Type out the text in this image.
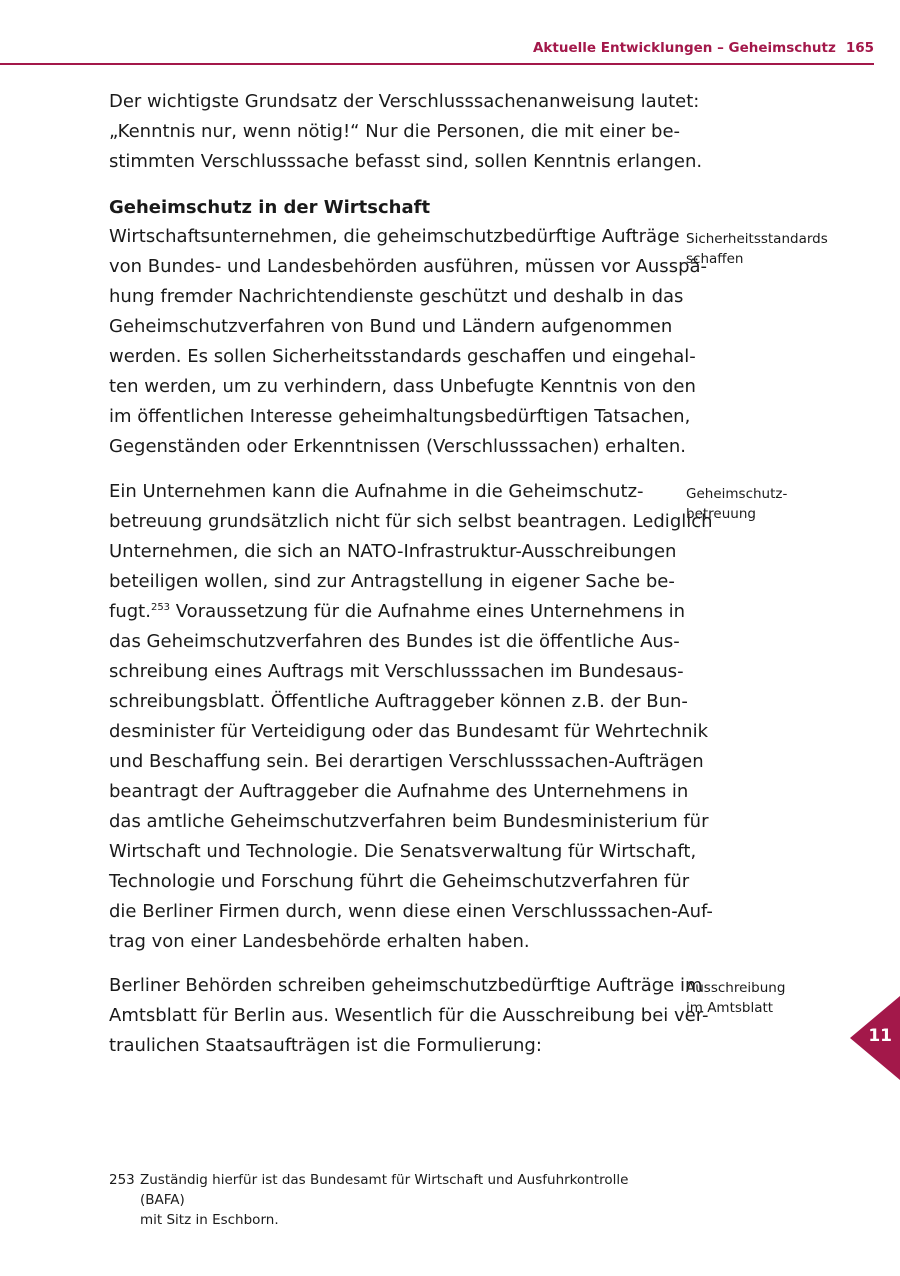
Aktuelle Entwicklungen – Geheimschutz 165
Der wichtigste Grundsatz der Verschlusssachenanweisung lautet:
„Kenntnis nur, wenn nötig!“ Nur die Personen, die mit einer be-
stimmten Verschlusssache befasst sind, sollen Kenntnis erlangen.
Geheimschutz in der Wirtschaft
Wirtschaftsunternehmen, die geheimschutzbedürftige Aufträge
von Bundes- und Landesbehörden ausführen, müssen vor Ausspä-
hung fremder Nachrichtendienste geschützt und deshalb in das
Geheimschutzverfahren von Bund und Ländern aufgenommen
werden. Es sollen Sicherheitsstandards geschaffen und eingehal-
ten werden, um zu verhindern, dass Unbefugte Kenntnis von den
im öffentlichen Interesse geheimhaltungsbedürftigen Tatsachen,
Gegenständen oder Erkenntnissen (Verschlusssachen) erhalten.
Ein Unternehmen kann die Aufnahme in die Geheimschutz-
betreuung grundsätzlich nicht für sich selbst beantragen. Lediglich
Unternehmen, die sich an NATO-Infrastruktur-Ausschreibungen
beteiligen wollen, sind zur Antragstellung in eigener Sache be-
fugt.$^{253}$ Voraussetzung für die Aufnahme eines Unternehmens in
das Geheimschutzverfahren des Bundes ist die öffentliche Aus-
schreibung eines Auftrags mit Verschlusssachen im Bundesaus-
schreibungsblatt. Öffentliche Auftraggeber können z.B. der Bun-
desminister für Verteidigung oder das Bundesamt für Wehrtechnik
und Beschaffung sein. Bei derartigen Verschlusssachen-Aufträgen
beantragt der Auftraggeber die Aufnahme des Unternehmens in
das amtliche Geheimschutzverfahren beim Bundesministerium für
Wirtschaft und Technologie. Die Senatsverwaltung für Wirtschaft,
Technologie und Forschung führt die Geheimschutzverfahren für
die Berliner Firmen durch, wenn diese einen Verschlusssachen-Auf-
trag von einer Landesbehörde erhalten haben.
Berliner Behörden schreiben geheimschutzbedürftige Aufträge im
Amtsblatt für Berlin aus. Wesentlich für die Ausschreibung bei ver-
traulichen Staatsaufträgen ist die Formulierung:
Sicherheitsstandards
schaffen
Geheimschutz-
betreuung
Ausschreibung
im Amtsblatt
11
253 Zuständig hierfür ist das Bundesamt für Wirtschaft und Ausfuhrkontrolle (BAFA)
mit Sitz in Eschborn.
